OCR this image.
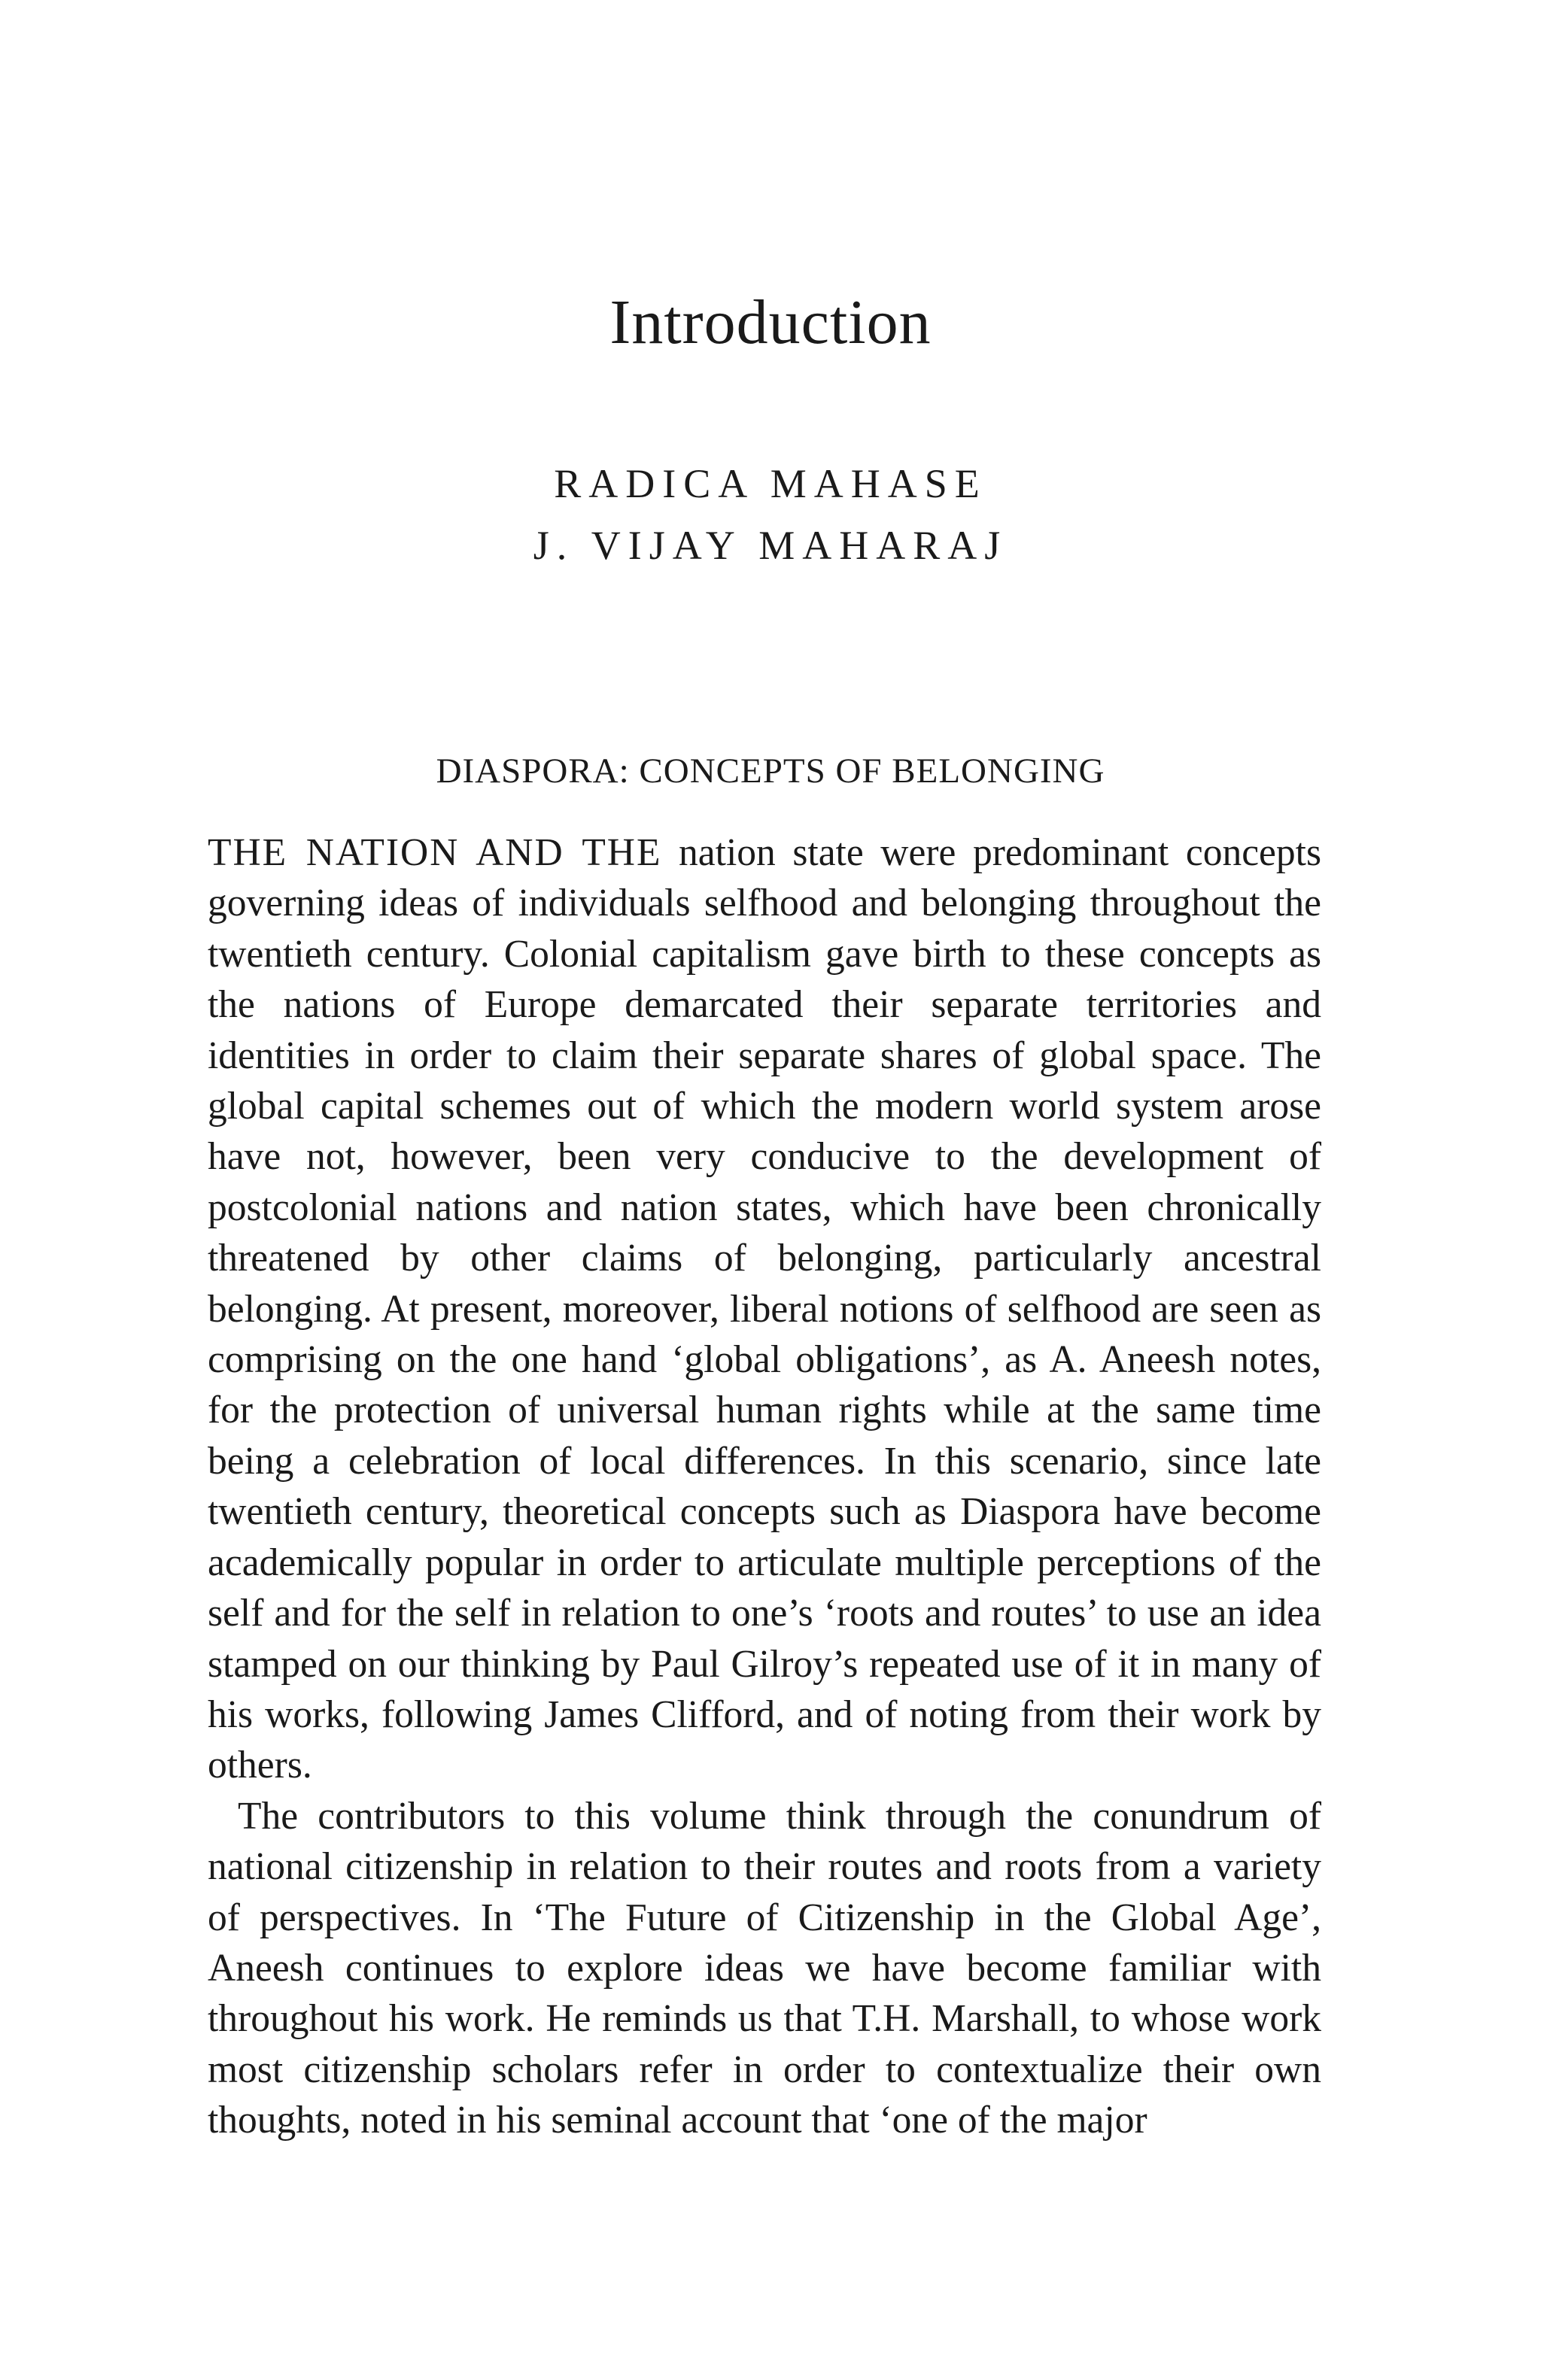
Introduction
RADICA MAHASE
J. VIJAY MAHARAJ
DIASPORA: CONCEPTS OF BELONGING

THE NATION AND THE nation state were predominant concepts governing ideas of individuals selfhood and belonging throughout the twentieth century. Colonial capitalism gave birth to these concepts as the nations of Europe demarcated their separate territories and identities in order to claim their separate shares of global space. The global capital schemes out of which the modern world system arose have not, however, been very conducive to the development of postcolonial nations and nation states, which have been chronically threatened by other claims of belonging, particularly ancestral belonging. At present, moreover, liberal notions of selfhood are seen as comprising on the one hand ‘global obligations’, as A. Aneesh notes, for the protection of universal human rights while at the same time being a celebration of local differences. In this scenario, since late twentieth century, theoretical concepts such as Diaspora have become academically popular in order to articulate multiple perceptions of the self and for the self in relation to one’s ‘roots and routes’ to use an idea stamped on our thinking by Paul Gilroy’s repeated use of it in many of his works, following James Clifford, and of noting from their work by others.

The contributors to this volume think through the conundrum of national citizenship in relation to their routes and roots from a variety of perspectives. In ‘The Future of Citizenship in the Global Age’, Aneesh continues to explore ideas we have become familiar with throughout his work. He reminds us that T.H. Marshall, to whose work most citizenship scholars refer in order to contextualize their own thoughts, noted in his seminal account that ‘one of the major
